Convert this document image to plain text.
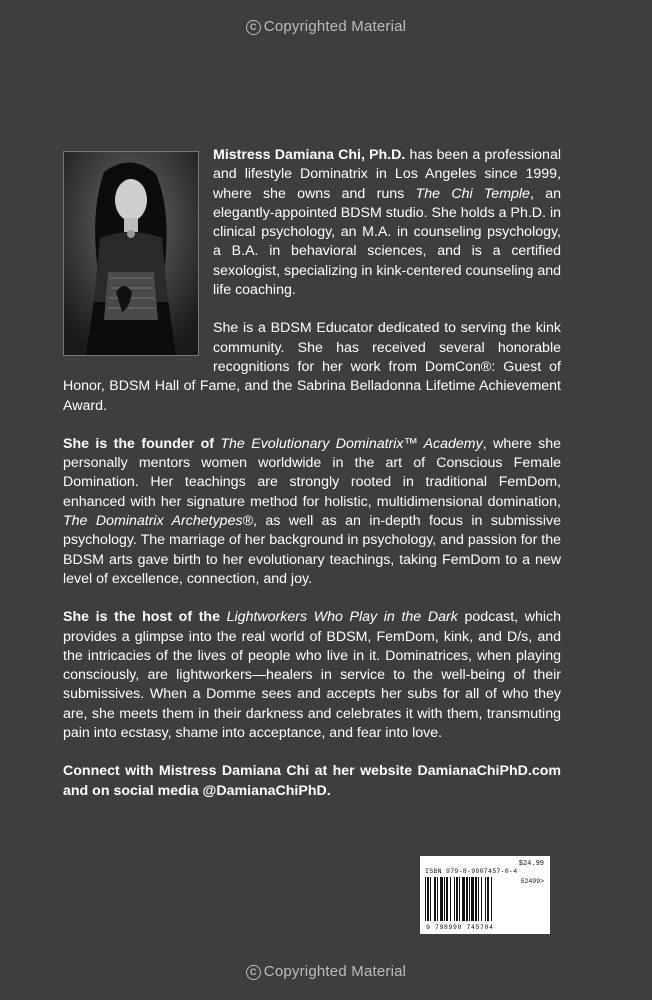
C Copyrighted Material

Mistress Damiana Chi, Ph.D. has been a professional and lifestyle Dominatrix in Los Angeles since 1999, where she owns and runs The Chi Temple, an elegantly-appointed BDSM studio. She holds a Ph.D. in clinical psychology, an M.A. in counseling psychology, a B.A. in behavioral sciences, and is a certified sexologist, specializing in kink-centered counseling and life coaching.

She is a BDSM Educator dedicated to serving the kink community. She has received several honorable recognitions for her work from DomCon®: Guest of Honor, BDSM Hall of Fame, and the Sabrina Belladonna Lifetime Achievement Award.

She is the founder of The Evolutionary Dominatrix™ Academy, where she personally mentors women worldwide in the art of Conscious Female Domination. Her teachings are strongly rooted in traditional FemDom, enhanced with her signature method for holistic, multidimensional domination, The Dominatrix Archetypes®, as well as an in-depth focus in submissive psychology. The marriage of her background in psychology, and passion for the BDSM arts gave birth to her evolutionary teachings, taking FemDom to a new level of excellence, connection, and joy.

She is the host of the Lightworkers Who Play in the Dark podcast, which provides a glimpse into the real world of BDSM, FemDom, kink, and D/s, and the intricacies of the lives of people who live in it. Dominatrices, when playing consciously, are lightworkers—healers in service to the well-being of their submissives. When a Domme sees and accepts her subs for all of who they are, she meets them in their darkness and celebrates it with them, transmuting pain into ecstasy, shame into acceptance, and fear into love.

Connect with Mistress Damiana Chi at her website DamianaChiPhD.com and on social media @DamianaChiPhD.

$24.99
ISBN 979-8-9907457-0-4
52499>
9 798990 745704
C Copyrighted Material
